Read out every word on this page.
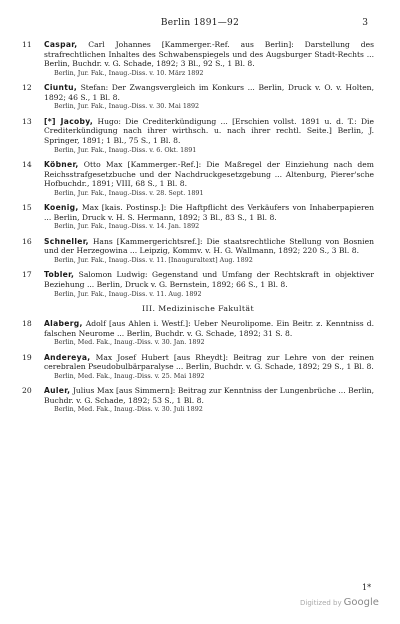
Berlin 1891—92	3
11	Caspar, Carl Johannes [Kammerger.-Ref. aus Berlin]: Darstellung des strafrechtlichen Inhaltes des Schwabenspiegels und des Augsburger Stadt-Rechts ... Berlin, Buchdr. v. G. Schade, 1892; 3 Bl., 92 S., 1 Bl. 8.
Berlin, Jur. Fak., Inaug.-Diss. v. 10. März 1892
12	Ciuntu, Stefan: Der Zwangsvergleich im Konkurs ... Berlin, Druck v. O. v. Holten, 1892; 46 S., 1 Bl. 8.
Berlin, Jur. Fak., Inaug.-Diss. v. 30. Mai 1892
13	[*] Jacoby, Hugo: Die Crediterkündigung ... [Erschien vollst. 1891 u. d. T.: Die Crediterkündigung nach ihrer wirthsch. u. nach ihrer rechtl. Seite.] Berlin, J. Springer, 1891; 1 Bl., 75 S., 1 Bl. 8.
Berlin, Jur. Fak., Inaug.-Diss. v. 6. Okt. 1891
14	Köbner, Otto Max [Kammerger.-Ref.]: Die Maßregel der Einziehung nach dem Reichsstrafgesetzbuche und der Nachdruckgesetzgebung ... Altenburg, Pierer'sche Hofbuchdr., 1891; VIII, 68 S., 1 Bl. 8.
Berlin, Jur. Fak., Inaug.-Diss. v. 28. Sept. 1891
15	Koenig, Max [kais. Postinsp.]: Die Haftpflicht des Verkäufers von Inhaberpapieren ... Berlin, Druck v. H. S. Hermann, 1892; 3 Bl., 83 S., 1 Bl. 8.
Berlin, Jur. Fak., Inaug.-Diss. v. 14. Jan. 1892
16	Schneller, Hans [Kammergerichtsref.]: Die staatsrechtliche Stellung von Bosnien und der Herzegowina ... Leipzig, Kommv. v. H. G. Wallmann, 1892; 220 S., 3 Bl. 8.
Berlin, Jur. Fak., Inaug.-Diss. v. 11. [Inauguraltext] Aug. 1892
17	Tobler, Salomon Ludwig: Gegenstand und Umfang der Rechtskraft in objektiver Beziehung ... Berlin, Druck v. G. Bernstein, 1892; 66 S., 1 Bl. 8.
Berlin, Jur. Fak., Inaug.-Diss. v. 11. Aug. 1892
III. Medizinische Fakultät
18	Alaberg, Adolf [aus Ahlen i. Westf.]: Ueber Neurolipome. Ein Beitr. z. Kenntniss d. falschen Neurome ... Berlin, Buchdr. v. G. Schade, 1892; 31 S. 8.
Berlin, Med. Fak., Inaug.-Diss. v. 30. Jan. 1892
19	Andereya, Max Josef Hubert [aus Rheydt]: Beitrag zur Lehre von der reinen cerebralen Pseudobulbärparalyse ... Berlin, Buchdr. v. G. Schade, 1892; 29 S., 1 Bl. 8.
Berlin, Med. Fak., Inaug.-Diss. v. 25. Mai 1892
20	Auler, Julius Max [aus Simmern]: Beitrag zur Kenntniss der Lungenbrüche ... Berlin, Buchdr. v. G. Schade, 1892; 53 S., 1 Bl. 8.
Berlin, Med. Fak., Inaug.-Diss. v. 30. Juli 1892
1*
Digitized by Google
